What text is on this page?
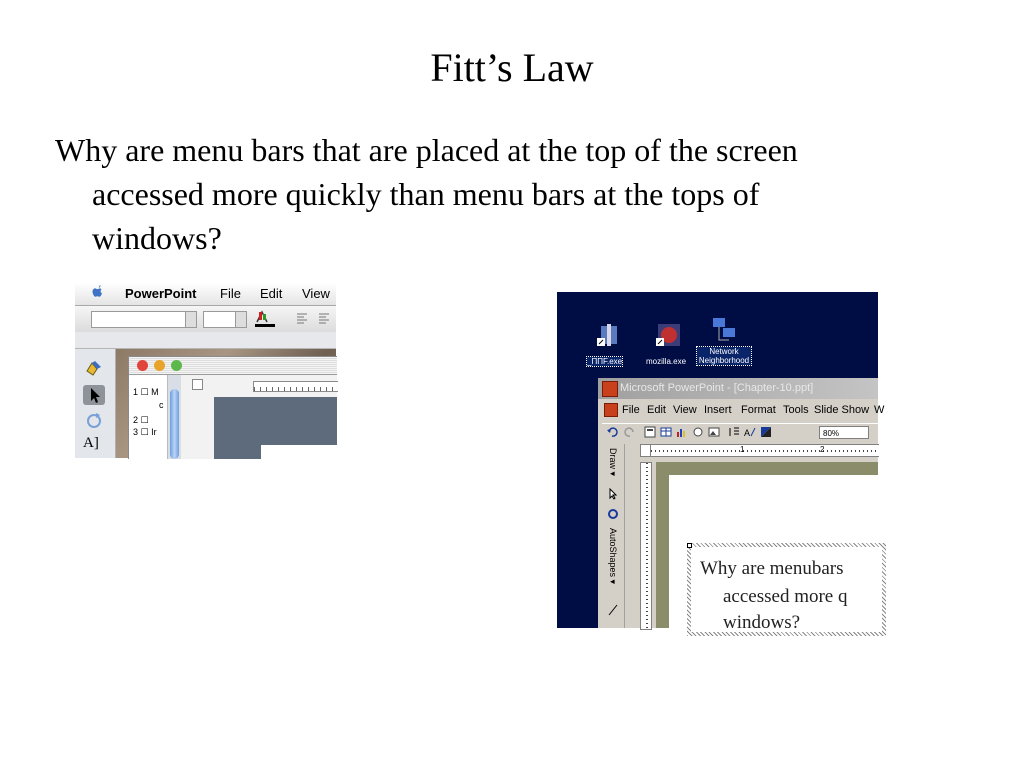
Fitt’s Law
Why are menu bars that are placed at the top of the screen
accessed more quickly than menu bars at the tops of
windows?
PowerPoint File Edit View
A]
1 ☐ M
c
2 ☐
3 ☐ Ir
_ΠΠF.exe	mozilla.exe
Network Neighborhood
Microsoft PowerPoint - [Chapter-10.ppt]
File Edit View Insert Format Tools Slide Show W
A	80%
Draw ▾
AutoShapes ▾
1	2
Why are menubars
accessed more q
windows?
